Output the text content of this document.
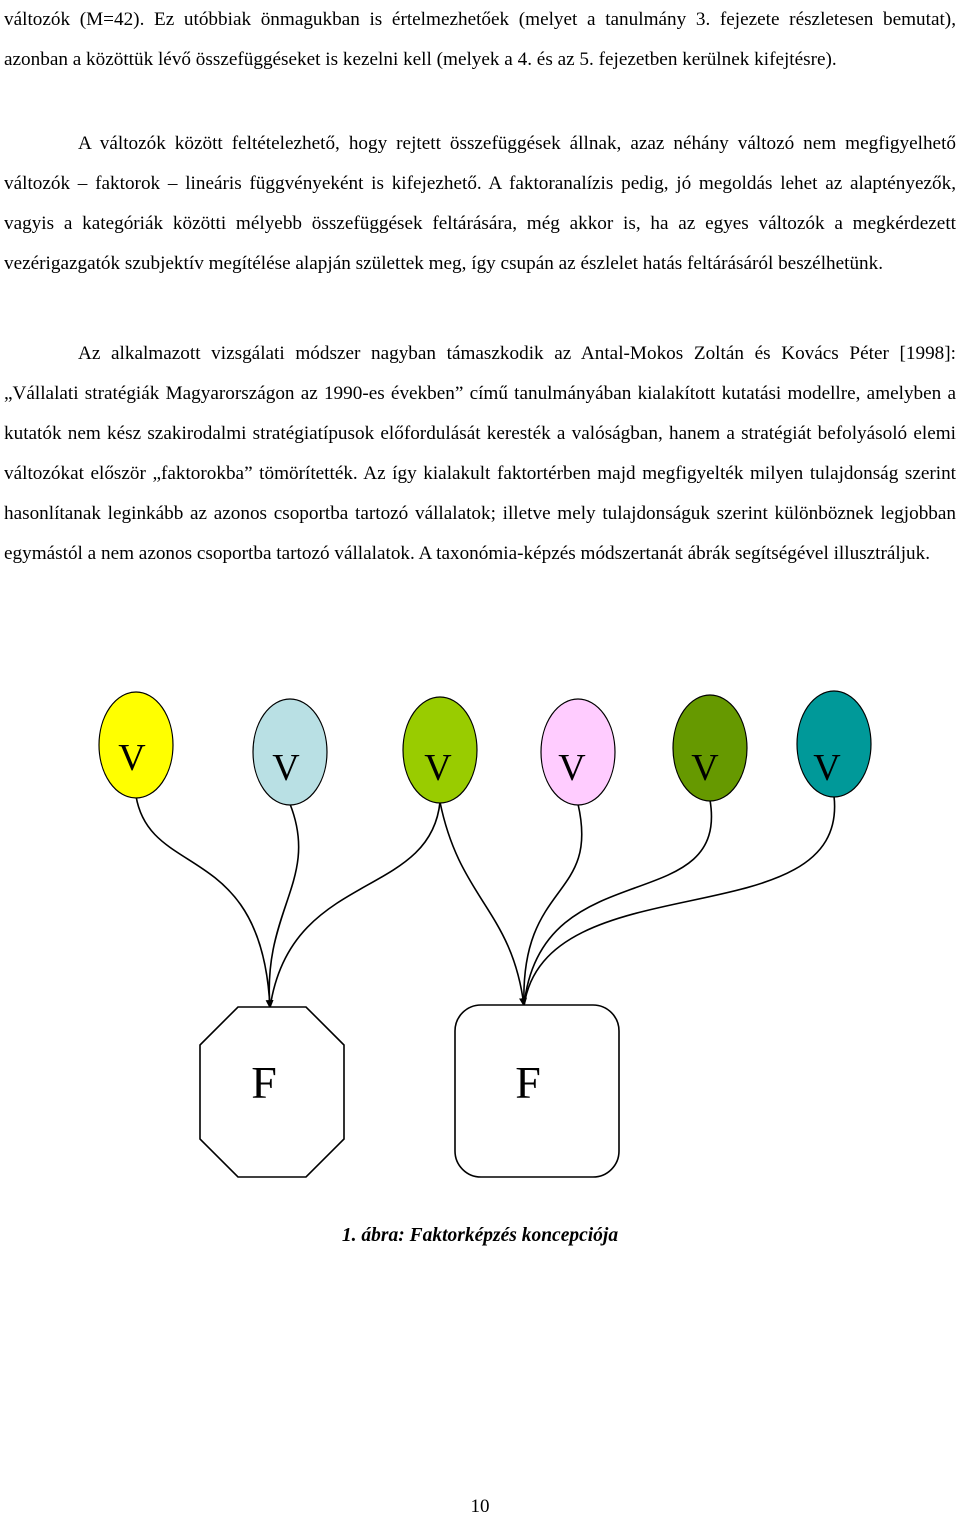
változók (M=42). Ez utóbbiak önmagukban is értelmezhetőek (melyet a tanulmány 3. fejezete részletesen bemutat), azonban a közöttük lévő összefüggéseket is kezelni kell (melyek a 4. és az 5. fejezetben kerülnek kifejtésre).

A változók között feltételezhető, hogy rejtett összefüggések állnak, azaz néhány változó nem megfigyelhető változók – faktorok – lineáris függvényeként is kifejezhető. A faktoranalízis pedig, jó megoldás lehet az alaptényezők, vagyis a kategóriák közötti mélyebb összefüggések feltárására, még akkor is, ha az egyes változók a megkérdezett vezérigazgatók szubjektív megítélése alapján születtek meg, így csupán az észlelet hatás feltárásáról beszélhetünk.

Az alkalmazott vizsgálati módszer nagyban támaszkodik az Antal-Mokos Zoltán és Kovács Péter [1998]: „Vállalati stratégiák Magyarországon az 1990-es években” című tanulmányában kialakított kutatási modellre, amelyben a kutatók nem kész szakirodalmi stratégiatípusok előfordulását keresték a valóságban, hanem a stratégiát befolyásoló elemi változókat először „faktorokba” tömörítették. Az így kialakult faktortérben majd megfigyelték milyen tulajdonság szerint hasonlítanak leginkább az azonos csoportba tartozó vállalatok; illetve mely tulajdonságuk szerint különböznek legjobban egymástól a nem azonos csoportba tartozó vállalatok. A taxonómia-képzés módszertanát ábrák segítségével illusztráljuk.

V	V	V	V	V V
F	F
1. ábra: Faktorképzés koncepciója
10
